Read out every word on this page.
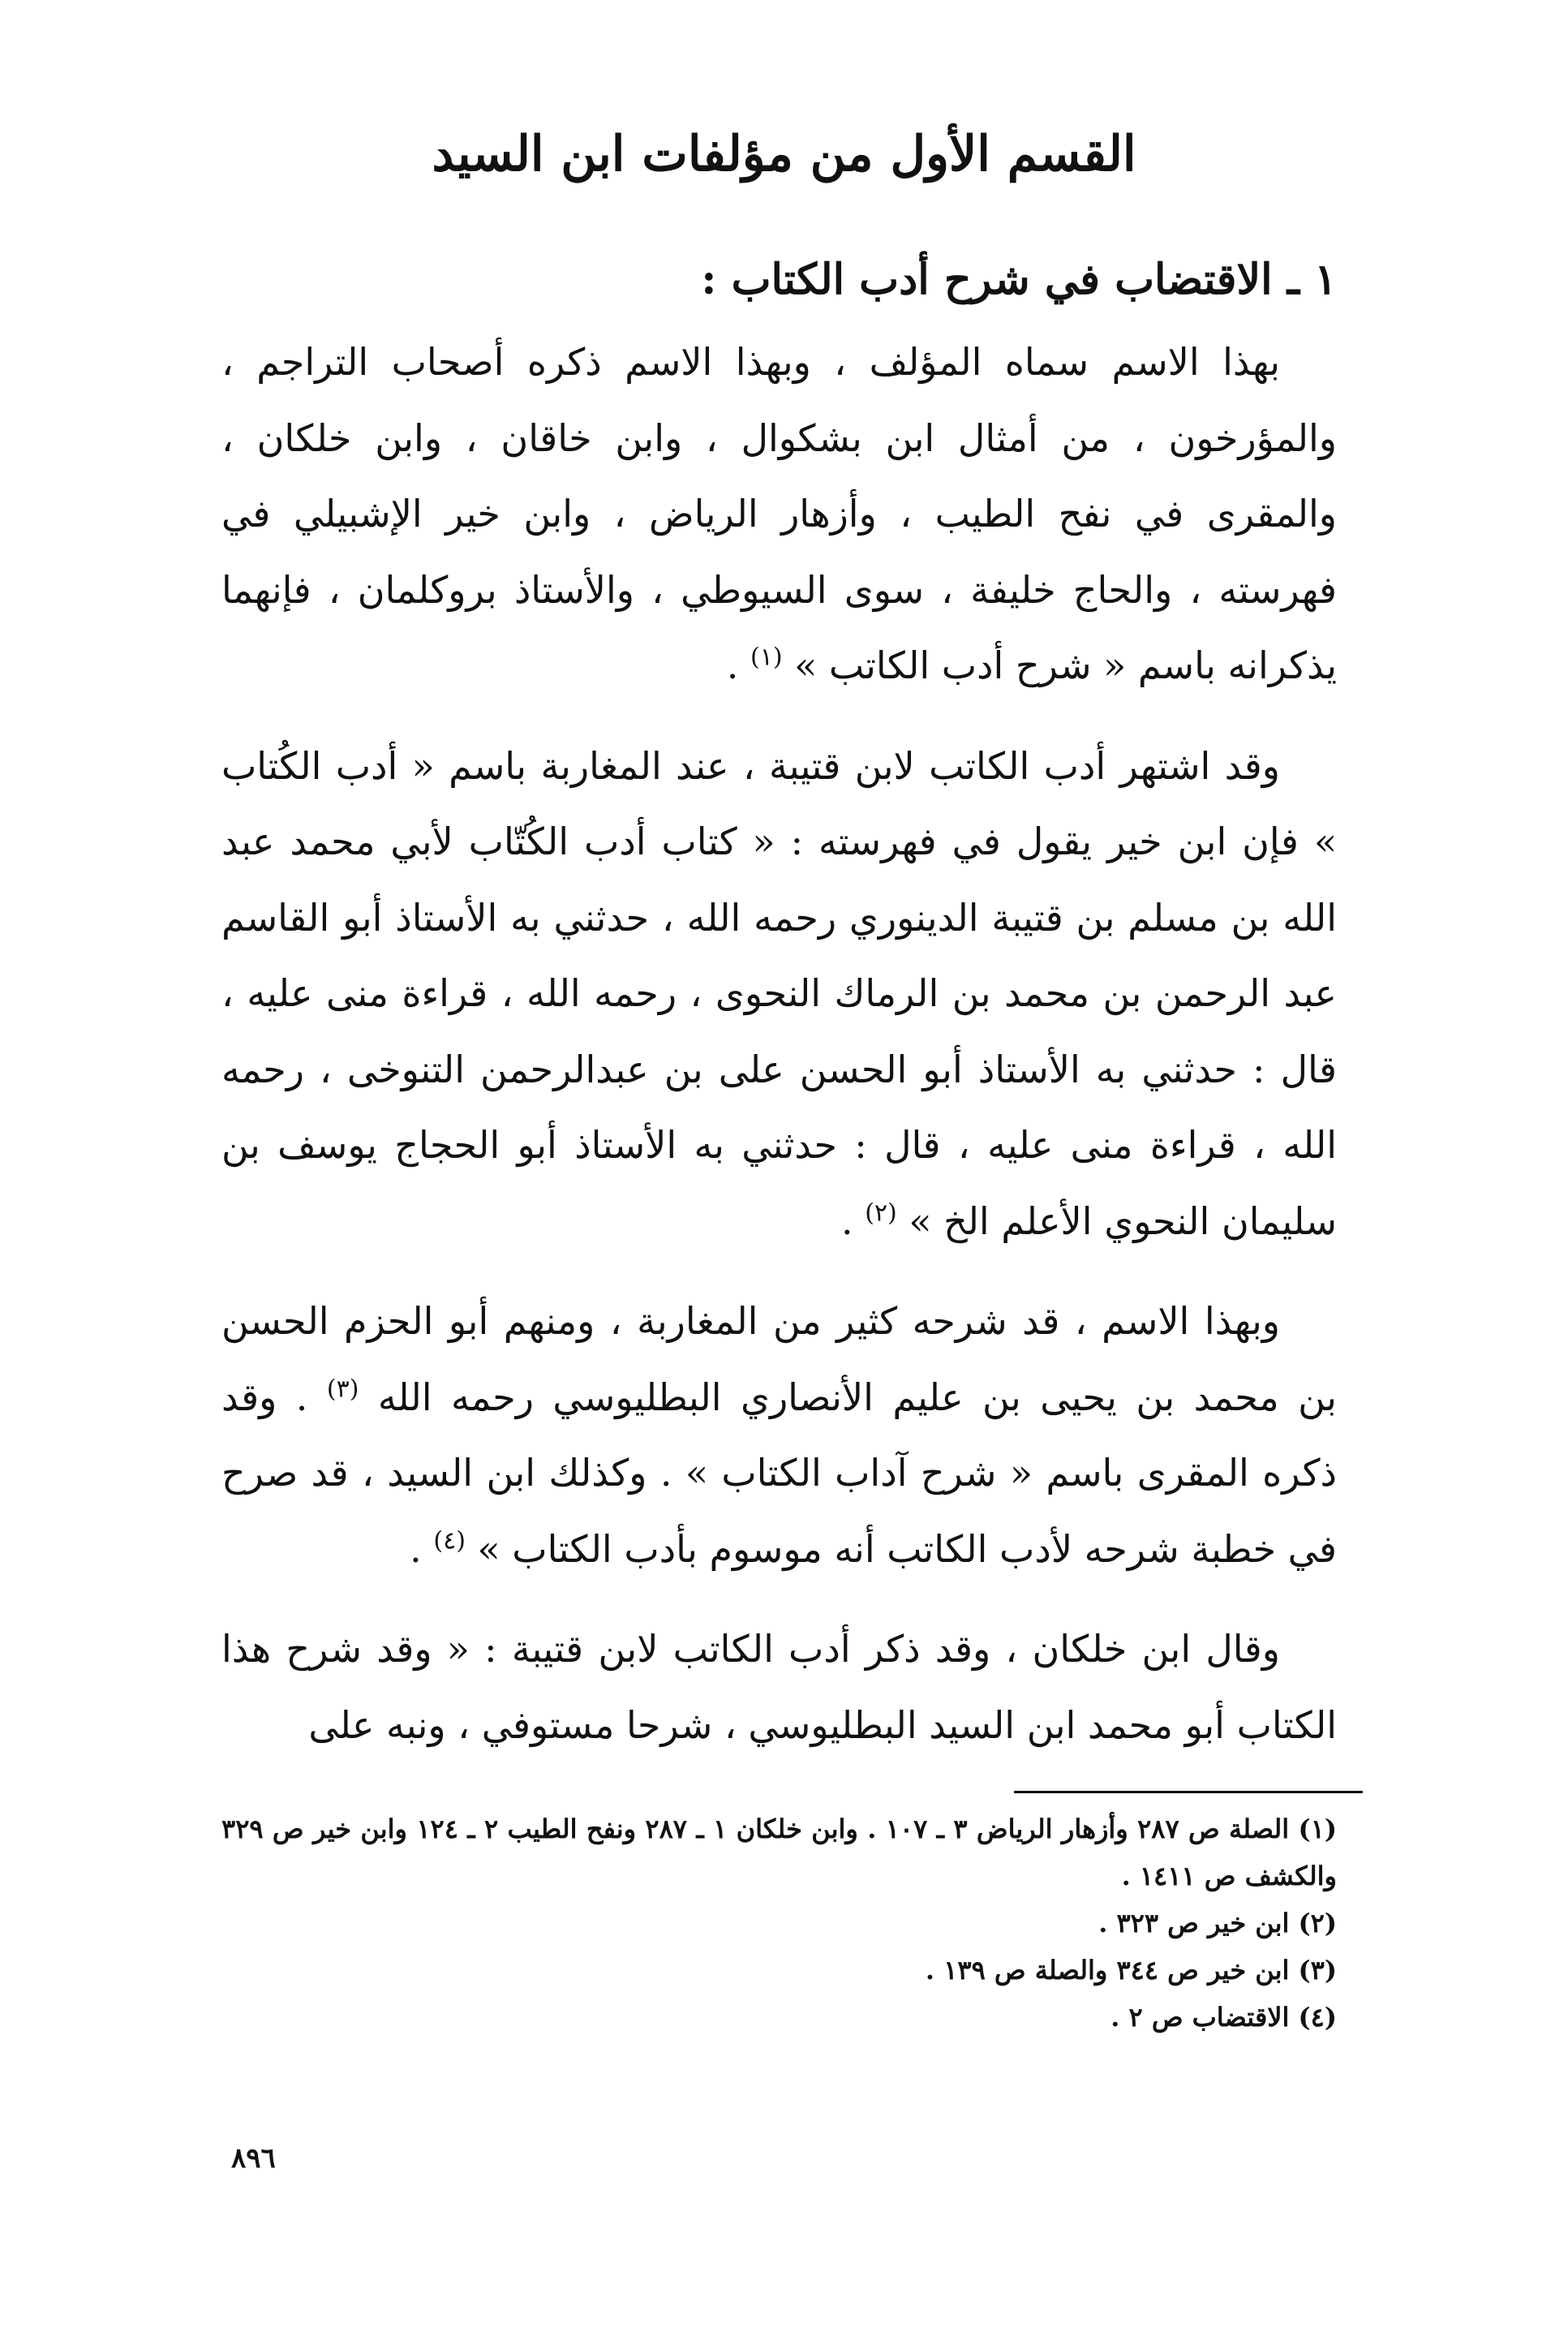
القسم الأول من مؤلفات ابن السيد

١ ـ الاقتضاب في شرح أدب الكتاب :

بهذا الاسم سماه المؤلف ، وبهذا الاسم ذكره أصحاب التراجم ، والمؤرخون ، من أمثال ابن بشكوال ، وابن خاقان ، وابن خلكان ، والمقرى في نفح الطيب ، وأزهار الرياض ، وابن خير الإشبيلي في فهرسته ، والحاج خليفة ، سوى السيوطي ، والأستاذ بروكلمان ، فإنهما يذكرانه باسم « شرح أدب الكاتب » $^{(١)}$ .

وقد اشتهر أدب الكاتب لابن قتيبة ، عند المغاربة باسم « أدب الكُتاب » فإن ابن خير يقول في فهرسته : « كتاب أدب الكُتّاب لأبي محمد عبد الله بن مسلم بن قتيبة الدينوري رحمه الله ، حدثني به الأستاذ أبو القاسم عبد الرحمن بن محمد بن الرماك النحوى ، رحمه الله ، قراءة منى عليه ، قال : حدثني به الأستاذ أبو الحسن على بن عبدالرحمن التنوخى ، رحمه الله ، قراءة منى عليه ، قال : حدثني به الأستاذ أبو الحجاج يوسف بن سليمان النحوي الأعلم الخ » $^{(٢)}$ .

وبهذا الاسم ، قد شرحه كثير من المغاربة ، ومنهم أبو الحزم الحسن بن محمد بن يحيى بن عليم الأنصاري البطليوسي رحمه الله $^{(٣)}$ . وقد ذكره المقرى باسم « شرح آداب الكتاب » . وكذلك ابن السيد ، قد صرح في خطبة شرحه لأدب الكاتب أنه موسوم بأدب الكتاب » $^{(٤)}$ .

وقال ابن خلكان ، وقد ذكر أدب الكاتب لابن قتيبة : « وقد شرح هذا الكتاب أبو محمد ابن السيد البطليوسي ، شرحا مستوفي ، ونبه على

(١) الصلة ص ٢٨٧ وأزهار الرياض ٣ ـ ١٠٧ . وابن خلكان ١ ـ ٢٨٧ ونفح الطيب ٢ ـ ١٢٤ وابن خير ص ٣٢٩ والكشف ص ١٤١١ .

(٢) ابن خير ص ٣٢٣ .

(٣) ابن خير ص ٣٤٤ والصلة ص ١٣٩ .

(٤) الاقتضاب ص ٢ .

٨٩٦
